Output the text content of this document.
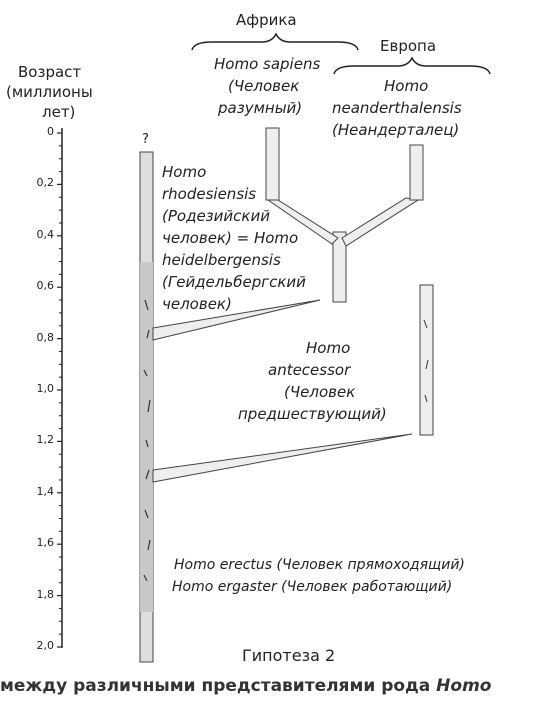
Возраст
(миллионы
лет)
0
0,2
0,4
0,6
0,8
1,0
1,2
1,4
1,6
1,8
2,0
?
Африка
Европа
Homo sapiens
(Человек
разумный)
Homo
neanderthalensis
(Неандерталец)
Homo
rhodesiensis
(Родезийский
человек) = Homo
heidelbergensis
(Гейдельбергский
человек)
Homo
antecessor
(Человек
предшествующий)
Homo erectus (Человек прямоходящий)
Homo ergaster (Человек работающий)
Гипотеза 2
между различными представителями рода Homo
